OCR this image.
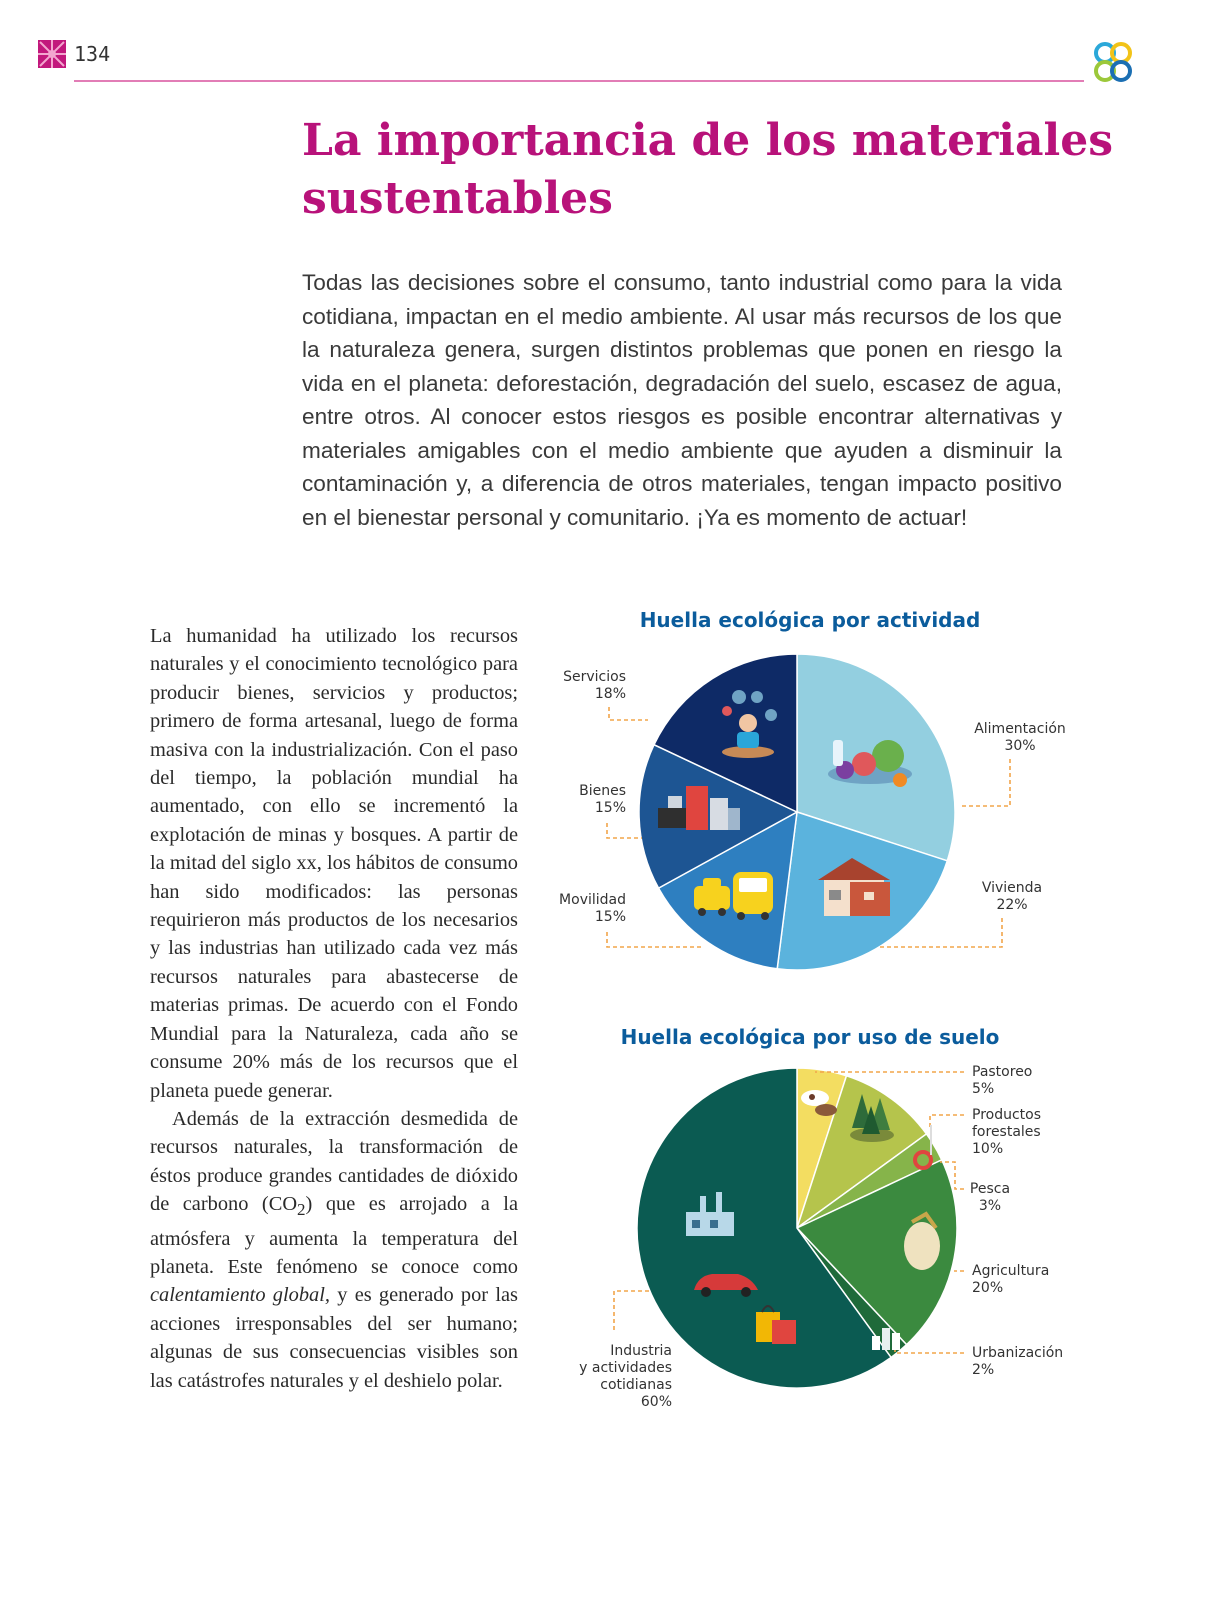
134
La importancia de los materiales sustentables

Todas las decisiones sobre el consumo, tanto industrial como para la vida cotidiana, impactan en el medio ambiente. Al usar más recursos de los que la naturaleza genera, surgen distintos problemas que ponen en riesgo la vida en el planeta: deforestación, degradación del suelo, escasez de agua, entre otros. Al conocer estos riesgos es posible encontrar alternativas y materiales amigables con el medio ambiente que ayuden a disminuir la contaminación y, a diferencia de otros materiales, tengan impacto positivo en el bienestar personal y comunitario. ¡Ya es momento de actuar!

La humanidad ha utilizado los recursos naturales y el conocimiento tecnológico para producir bienes, servicios y productos; primero de forma artesanal, luego de forma masiva con la industrialización. Con el paso del tiempo, la población mundial ha aumentado, con ello se incrementó la explotación de minas y bosques. A partir de la mitad del siglo xx, los hábitos de consumo han sido modificados: las personas requirieron más productos de los necesarios y las industrias han utilizado cada vez más recursos naturales para abastecerse de materias primas. De acuerdo con el Fondo Mundial para la Naturaleza, cada año se consume 20% más de los recursos que el planeta puede generar.

Además de la extracción desmedida de recursos naturales, la transformación de éstos produce grandes cantidades de dióxido de carbono $(CO_2)$ que es arrojado a la atmósfera y aumenta la temperatura del planeta. Este fenómeno se conoce como calentamiento global, y es generado por las acciones irresponsables del ser humano; algunas de sus consecuencias visibles son las catástrofes naturales y el deshielo polar.

Huella ecológica por actividad
Huella ecológica por uso de suelo
Servicios 18%
Bienes 15%
Movilidad 15%
Alimentación 30%
Vivienda 22%
Pastoreo 5%
Productos forestales 10%
Pesca 3%
Agricultura 20%
Urbanización 2%
Industria y actividades cotidianas 60%
